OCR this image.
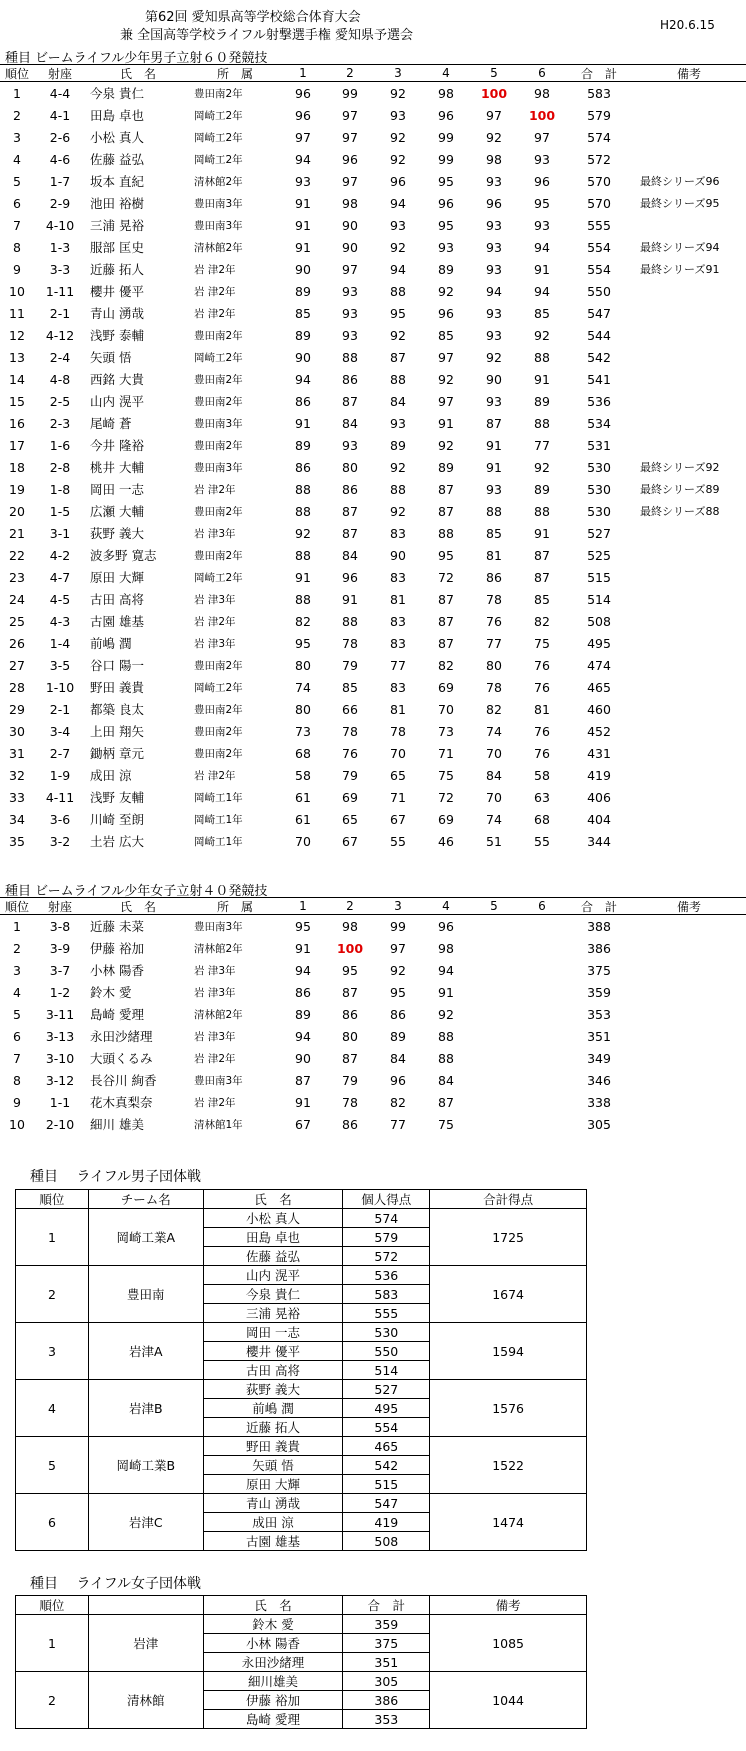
第62回 愛知県高等学校総合体育大会
兼 全国高等学校ライフル射撃選手権 愛知県予選会
H20.6.15
種目 ビームライフル少年男子立射６０発競技
順位	射座	氏　名	所　属	1	2	3	4	5	6	合　計	備考
1	4-4	今泉 貴仁	豊田南2年	96	99	92	98	100	98	583
2	4-1	田島 卓也	岡崎工2年	96	97	93	96	97	100	579
3	2-6	小松 真人	岡崎工2年	97	97	92	99	92	97	574
4	4-6	佐藤 益弘	岡崎工2年	94	96	92	99	98	93	572
5	1-7	坂本 直紀	清林館2年	93	97	96	95	93	96	570	最終シリーズ96
6	2-9	池田 裕樹	豊田南3年	91	98	94	96	96	95	570	最終シリーズ95
7	4-10	三浦 晃裕	豊田南3年	91	90	93	95	93	93	555
8	1-3	服部 匡史	清林館2年	91	90	92	93	93	94	554	最終シリーズ94
9	3-3	近藤 拓人	岩 津2年	90	97	94	89	93	91	554	最終シリーズ91
10	1-11	櫻井 優平	岩 津2年	89	93	88	92	94	94	550
11	2-1	青山 湧哉	岩 津2年	85	93	95	96	93	85	547
12	4-12	浅野 泰輔	豊田南2年	89	93	92	85	93	92	544
13	2-4	矢頭 悟	岡崎工2年	90	88	87	97	92	88	542
14	4-8	西銘 大貴	豊田南2年	94	86	88	92	90	91	541
15	2-5	山内 滉平	豊田南2年	86	87	84	97	93	89	536
16	2-3	尾崎 蒼	豊田南3年	91	84	93	91	87	88	534
17	1-6	今井 隆裕	豊田南2年	89	93	89	92	91	77	531
18	2-8	桃井 大輔	豊田南3年	86	80	92	89	91	92	530	最終シリーズ92
19	1-8	岡田 一志	岩 津2年	88	86	88	87	93	89	530	最終シリーズ89
20	1-5	広瀬 大輔	豊田南2年	88	87	92	87	88	88	530	最終シリーズ88
21	3-1	荻野 義大	岩 津3年	92	87	83	88	85	91	527
22	4-2	波多野 寛志	豊田南2年	88	84	90	95	81	87	525
23	4-7	原田 大輝	岡崎工2年	91	96	83	72	86	87	515
24	4-5	古田 高将	岩 津3年	88	91	81	87	78	85	514
25	4-3	古園 雄基	岩 津2年	82	88	83	87	76	82	508
26	1-4	前嶋 潤	岩 津3年	95	78	83	87	77	75	495
27	3-5	谷口 陽一	豊田南2年	80	79	77	82	80	76	474
28	1-10	野田 義貴	岡崎工2年	74	85	83	69	78	76	465
29	2-1	都築 良太	豊田南2年	80	66	81	70	82	81	460
30	3-4	上田 翔矢	豊田南2年	73	78	78	73	74	76	452
31	2-7	鋤柄 章元	豊田南2年	68	76	70	71	70	76	431
32	1-9	成田 涼	岩 津2年	58	79	65	75	84	58	419
33	4-11	浅野 友輔	岡崎工1年	61	69	71	72	70	63	406
34	3-6	川崎 至朗	岡崎工1年	61	65	67	69	74	68	404
35	3-2	土岩 広大	岡崎工1年	70	67	55	46	51	55	344
種目 ビームライフル少年女子立射４０発競技
順位	射座	氏　名	所　属	1	2	3	4	5	6	合　計	備考
1	3-8	近藤 未菜	豊田南3年	95	98	99	96	388
2	3-9	伊藤 裕加	清林館2年	91	100	97	98	386
3	3-7	小林 陽香	岩 津3年	94	95	92	94	375
4	1-2	鈴木 愛	岩 津3年	86	87	95	91	359
5	3-11	島崎 愛理	清林館2年	89	86	86	92	353
6	3-13	永田沙緒理	岩 津3年	94	80	89	88	351
7	3-10	大頭くるみ	岩 津2年	90	87	84	88	349
8	3-12	長谷川 絢香	豊田南3年	87	79	96	84	346
9	1-1	花木真梨奈	岩 津2年	91	78	82	87	338
10	2-10	細川 雄美	清林館1年	67	86	77	75	305
種目　 ライフル男子団体戦
順位	チーム名	氏　名	個人得点	合計得点
1	岡崎工業A	小松 真人	574	1725
		田島 卓也	579	
		佐藤 益弘	572	
2	豊田南	山内 滉平	536	1674
		今泉 貴仁	583	
		三浦 晃裕	555	
3	岩津A	岡田 一志	530	1594
		櫻井 優平	550	
		古田 高将	514	
4	岩津B	荻野 義大	527	1576
		前嶋 潤	495	
		近藤 拓人	554	
5	岡崎工業B	野田 義貴	465	1522
		矢頭 悟	542	
		原田 大輝	515	
6	岩津C	青山 湧哉	547	1474
		成田 涼	419	
		古園 雄基	508	
種目　 ライフル女子団体戦
順位		氏　名	合　計	備考
1	岩津	鈴木 愛	359	1085
		小林 陽香	375	
		永田沙緒理	351	
2	清林館	細川雄美	305	1044
		伊藤 裕加	386	
		島崎 愛理	353	
